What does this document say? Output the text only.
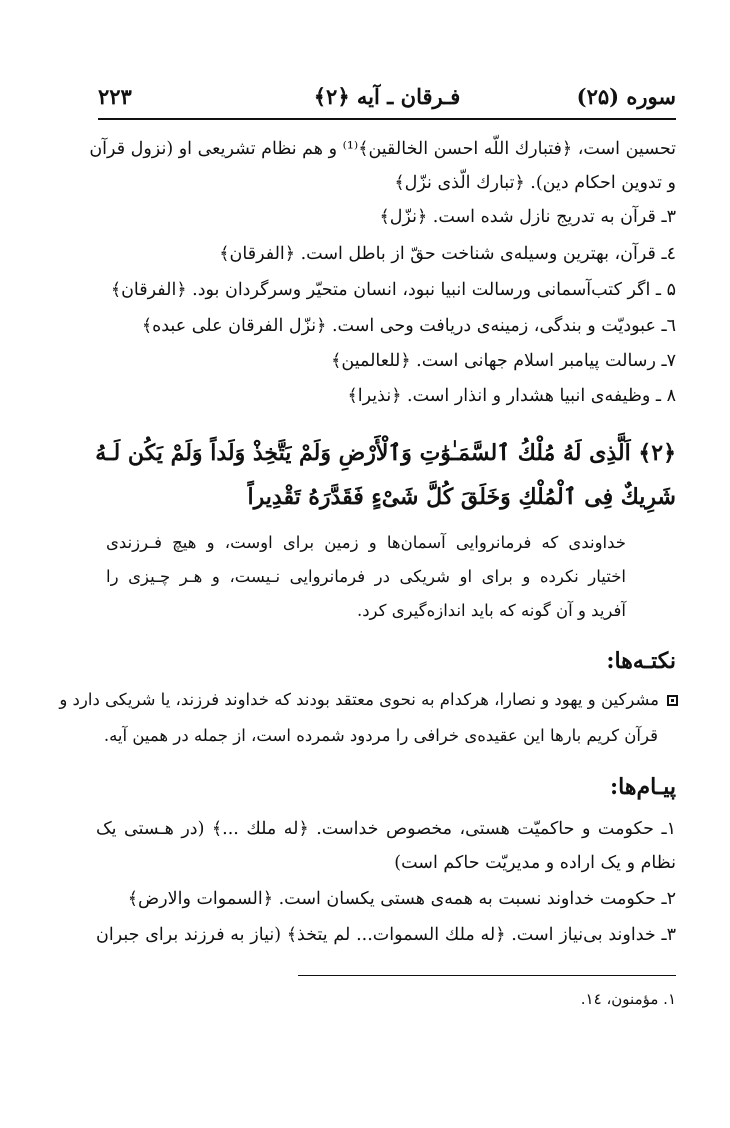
سوره (۲۵)
فـرقان ـ آیه ﴿۲﴾
۲۲۳
تحسین است، ﴿فتبارك اللّه احسن الخالقين﴾⁽¹⁾ و هم نظام تشریعی او (نزول قرآن
و تدوین احكام دین). ﴿تبارك الّذى نزّل﴾
۳ـ قرآن به تدریج نازل شده است. ﴿نزّل﴾
٤ـ قرآن، بهترین وسیله‌ی شناخت حقّ از باطل است. ﴿الفرقان﴾
۵ ـ اگر كتب‌آسمانی ورسالت انبیا نبود، انسان متحیّر وسرگردان بود. ﴿الفرقان﴾
٦ـ عبودیّت و بندگی، زمینه‌ی دریافت وحی است. ﴿نزّل الفرقان على عبده﴾
۷ـ رسالت پیامبر اسلام جهانی است. ﴿للعالمين﴾
۸ ـ وظیفه‌ی انبیا هشدار و انذار است. ﴿نذيرا﴾
﴿۲﴾ اَلَّذِى لَهُ مُلْكُ ٱلسَّمَـٰوَٰتِ وَٱلْأَرْضِ وَلَمْ يَتَّخِذْ وَلَداً وَلَمْ يَكُن لَـهُ
شَرِيكٌ فِى ٱلْمُلْكِ وَخَلَقَ كُلَّ شَىْءٍ فَقَدَّرَهُ تَقْدِيراً
خداوندى كه فرمانروایی آسمان‌ها و زمین برای اوست، و هیچ فـرزندی
اختیار نكرده و برای او شریكی در فرمانروایی نـیست، و هـر چـیزی را
آفرید و آن گونه كه باید اندازه‌گیری كرد.
نكتـه‌ها:
مشركین و یهود و نصارا، هركدام به نحوی معتقد بودند كه خداوند فرزند، یا شریكی دارد و
قرآن كریم بارها این عقیده‌ی خرافی را مردود شمرده است، از جمله در همین آیه.
پیـام‌ها:
۱ـ حكومت و حاكمیّت هستی، مخصوص خداست. ﴿له ملك ...﴾ (در هـستی یک
نظام و یک اراده و مدیریّت حاكم است)
۲ـ حكومت خداوند نسبت به همه‌ی هستی یكسان است. ﴿السموات والارض﴾
۳ـ خداوند بی‌نیاز است. ﴿له ملك السموات... لم يتخذ﴾ (نیاز به فرزند برای جبران
۱. مؤمنون، ١٤.
